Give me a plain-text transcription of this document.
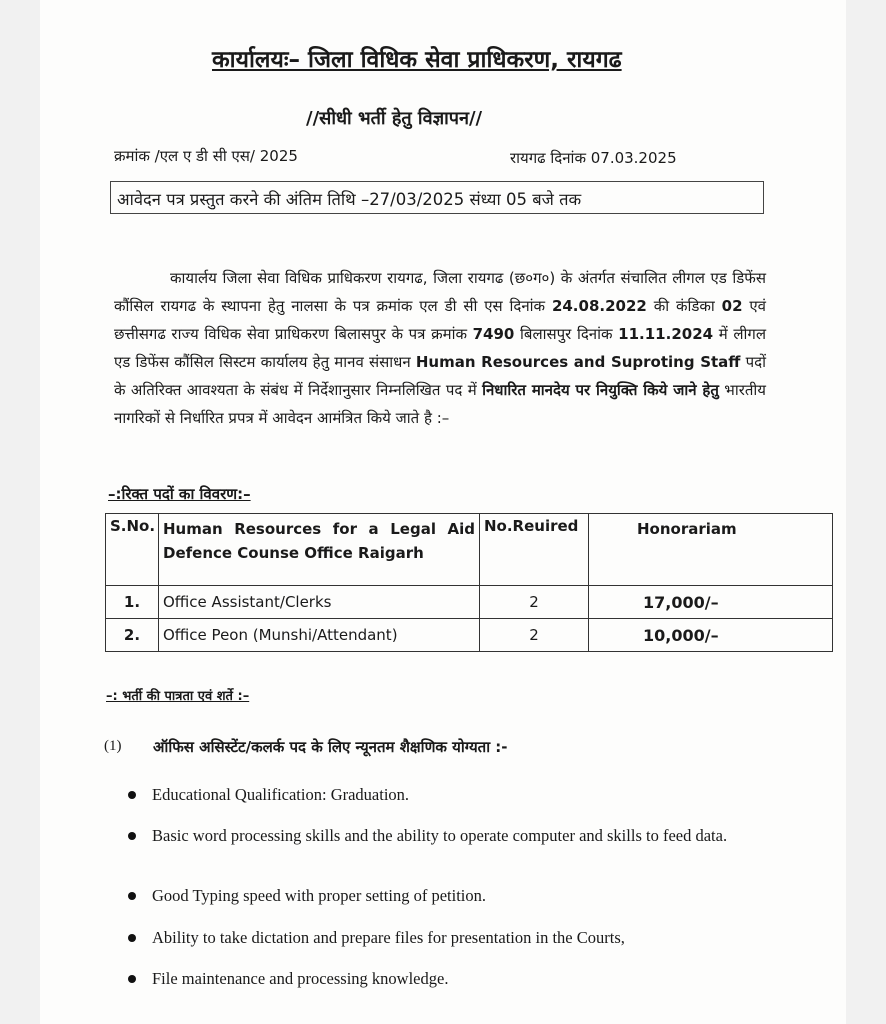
कार्यालयः– जिला विधिक सेवा प्राधिकरण, रायगढ
//सीधी भर्ती हेतु विज्ञापन//
क्रमांक /एल ए डी सी एस/ 2025	रायगढ दिनांक 07.03.2025
आवेदन पत्र प्रस्तुत करने की अंतिम तिथि –27/03/2025 संध्या 05 बजे तक
कायार्लय जिला सेवा विधिक प्राधिकरण रायगढ, जिला रायगढ (छ०ग०) के अंतर्गत संचालित लीगल एड डिफेंस कौंसिल रायगढ के स्थापना हेतु नालसा के पत्र क्रमांक एल डी सी एस दिनांक 24.08.2022 की कंडिका 02 एवं छत्तीसगढ राज्य विधिक सेवा प्राधिकरण बिलासपुर के पत्र क्रमांक 7490 बिलासपुर दिनांक 11.11.2024 में लीगल एड डिफेंस कौंसिल सिस्टम कार्यालय हेतु मानव संसाधन Human Resources and Suproting Staff पदों के अतिरिक्त आवश्यता के संबंध में निर्देशानुसार निम्नलिखित पद में निधारित मानदेय पर नियुक्ति किये जाने हेतु भारतीय नागरिकों से निर्धारित प्रपत्र में आवेदन आमंत्रित किये जाते है :–
–:रिक्त पदों का विवरण:–
S.No.	Human Resources for a Legal Aid Defence Counse Office Raigarh	No.Reuired	Honorariam
1.	Office Assistant/Clerks	2	17,000/–
2.	Office Peon (Munshi/Attendant)	2	10,000/–
–: भर्ती की पात्रता एवं शर्ते :–
(1) ऑफिस असिस्टेंट/कलर्क पद के लिए न्यूनतम शैक्षणिक योग्यता :-
Educational Qualification: Graduation.
Basic word processing skills and the ability to operate computer and skills to feed data.
Good Typing speed with proper setting of petition.
Ability to take dictation and prepare files for presentation in the Courts,
File maintenance and processing knowledge.
